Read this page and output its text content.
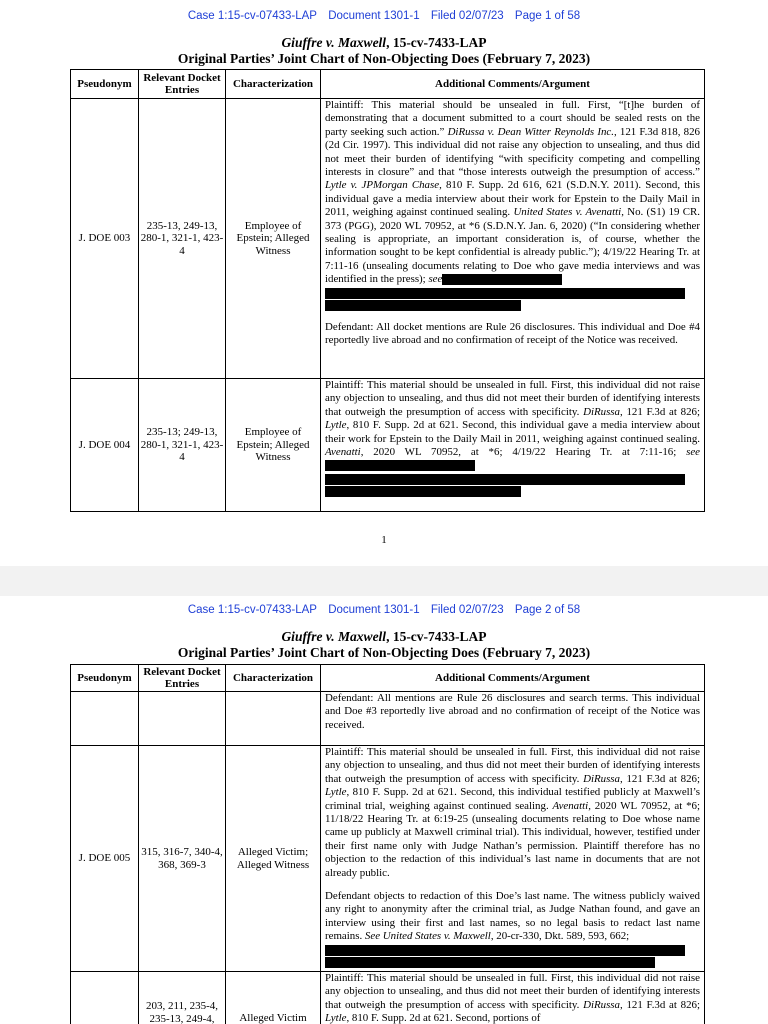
Case 1:15-cv-07433-LAP Document 1301-1 Filed 02/07/23 Page 1 of 58
Giuffre v. Maxwell, 15-cv-7433-LAP
Original Parties’ Joint Chart of Non-Objecting Does (February 7, 2023)
Pseudonym	Relevant Docket Entries	Characterization	Additional Comments/Argument
J. DOE 003	235-13, 249-13, 280-1, 321-1, 423-4	Employee of Epstein; Alleged Witness	Plaintiff: This material should be unsealed in full. First, “[t]he burden of demonstrating that a document submitted to a court should be sealed rests on the party seeking such action.” DiRussa v. Dean Witter Reynolds Inc., 121 F.3d 818, 826 (2d Cir. 1997). This individual did not raise any objection to unsealing, and thus did not meet their burden of identifying “with specificity competing and compelling interests in closure” and that “those interests outweigh the presumption of access.” Lytle v. JPMorgan Chase, 810 F. Supp. 2d 616, 621 (S.D.N.Y. 2011). Second, this individual gave a media interview about their work for Epstein to the Daily Mail in 2011, weighing against continued sealing. United States v. Avenatti, No. (S1) 19 CR. 373 (PGG), 2020 WL 70952, at *6 (S.D.N.Y. Jan. 6, 2020) (“In considering whether sealing is appropriate, an important consideration is, of course, whether the information sought to be kept confidential is already public.”); 4/19/22 Hearing Tr. at 7:11-16 (unsealing documents relating to Doe who gave media interviews and was identified in the press); see

Defendant: All docket mentions are Rule 26 disclosures. This individual and Doe #4 reportedly live abroad and no confirmation of receipt of the Notice was received.

J. DOE 004	235-13; 249-13, 280-1, 321-1, 423-4	Employee of Epstein; Alleged Witness	Plaintiff: This material should be unsealed in full. First, this individual did not raise any objection to unsealing, and thus did not meet their burden of identifying interests that outweigh the presumption of access with specificity. DiRussa, 121 F.3d at 826; Lytle, 810 F. Supp. 2d at 621. Second, this individual gave a media interview about their work for Epstein to the Daily Mail in 2011, weighing against continued sealing. Avenatti, 2020 WL 70952, at *6; 4/19/22 Hearing Tr. at 7:11-16; see

1
Case 1:15-cv-07433-LAP Document 1301-1 Filed 02/07/23 Page 2 of 58
Giuffre v. Maxwell, 15-cv-7433-LAP
Original Parties’ Joint Chart of Non-Objecting Does (February 7, 2023)
Pseudonym	Relevant Docket Entries	Characterization	Additional Comments/Argument

			Defendant: All mentions are Rule 26 disclosures and search terms. This individual and Doe #3 reportedly live abroad and no confirmation of receipt of the Notice was received.

J. DOE 005	315, 316-7, 340-4, 368, 369-3	Alleged Victim; Alleged Witness	Plaintiff: This material should be unsealed in full. First, this individual did not raise any objection to unsealing, and thus did not meet their burden of identifying interests that outweigh the presumption of access with specificity. DiRussa, 121 F.3d at 826; Lytle, 810 F. Supp. 2d at 621. Second, this individual testified publicly at Maxwell’s criminal trial, weighing against continued sealing. Avenatti, 2020 WL 70952, at *6; 11/18/22 Hearing Tr. at 6:19-25 (unsealing documents relating to Doe whose name came up publicly at Maxwell criminal trial). This individual, however, testified under their first name only with Judge Nathan’s permission. Plaintiff therefore has no objection to the redaction of this individual’s last name in documents that are not already public.

Defendant objects to redaction of this Doe’s last name. The witness publicly waived any right to anonymity after the criminal trial, as Judge Nathan found, and gave an interview using their first and last names, so no legal basis to redact last name remains. See United States v. Maxwell, 20-cr-330, Dkt. 589, 593, 662;

	203, 211, 235-4, 235-13, 249-4,	Alleged Victim	Plaintiff: This material should be unsealed in full. First, this individual did not raise any objection to unsealing, and thus did not meet their burden of identifying interests that outweigh the presumption of access with specificity. DiRussa, 121 F.3d at 826; Lytle, 810 F. Supp. 2d at 621. Second, portions of
